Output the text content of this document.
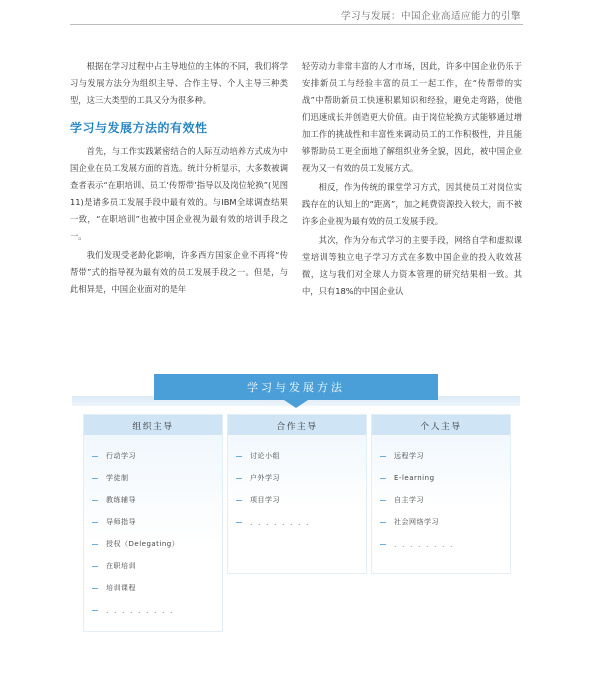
学习与发展：中国企业高适应能力的引擎

根据在学习过程中占主导地位的主体的不同，我们将学习与发展方法分为组织主导、合作主导、个人主导三种类型，这三大类型的工具又分为很多种。

学习与发展方法的有效性

首先，与工作实践紧密结合的人际互动培养方式成为中国企业在员工发展方面的首选。统计分析显示，大多数被调查者表示“在职培训、员工‘传帮带’指导以及岗位轮换”(见图11)是诸多员工发展手段中最有效的。与IBM全球调查结果一致，“在职培训”也被中国企业视为最有效的培训手段之一。

我们发现受老龄化影响，许多西方国家企业不再将“传帮带”式的指导视为最有效的员工发展手段之一。但是，与此相异是，中国企业面对的是年

轻劳动力非常丰富的人才市场，因此，许多中国企业仍乐于安排新员工与经验丰富的员工一起工作，在“传帮带的实战”中帮助新员工快速积累知识和经验，避免走弯路，使他们迅速成长并创造更大价值。由于岗位轮换方式能够通过增加工作的挑战性和丰富性来调动员工的工作积极性，并且能够帮助员工更全面地了解组织业务全貌，因此，被中国企业视为又一有效的员工发展方式。

相反，作为传统的课堂学习方式，因其使员工对岗位实践存在的认知上的“距离”，加之耗费资源投入较大，而不被许多企业视为最有效的员工发展手段。

其次，作为分布式学习的主要手段，网络自学和虚拟课堂培训等独立电子学习方式在多数中国企业的投入收效甚微，这与我们对全球人力资本管理的研究结果相一致。其中，只有18%的中国企业认

学习与发展方法
组织主导
行动学习
学徒制
教练辅导
导师指导
授权（Delegating）
在职培训
培训课程
．．．．．．．．．
合作主导
讨论小组
户外学习
项目学习
．．．．．．．．
个人主导
远程学习
E-learning
自主学习
社会网络学习
．．．．．．．．
